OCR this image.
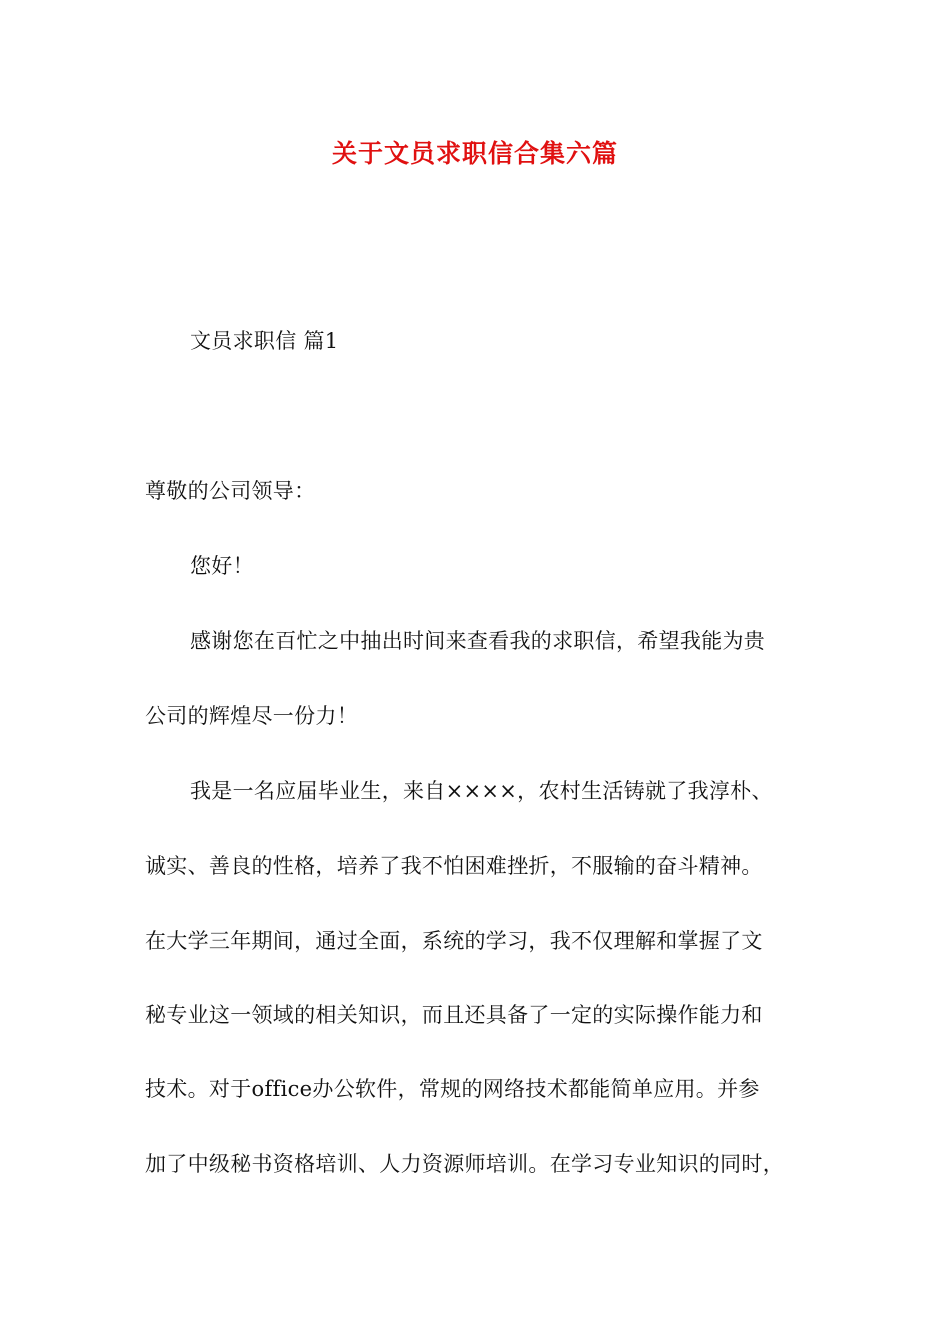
关于文员求职信合集六篇
文员求职信 篇1
尊敬的公司领导：
您好！
感谢您在百忙之中抽出时间来查看我的求职信，希望我能为贵
公司的辉煌尽一份力！
我是一名应届毕业生，来自××××，农村生活铸就了我淳朴、
诚实、善良的性格，培养了我不怕困难挫折，不服输的奋斗精神。
在大学三年期间，通过全面，系统的学习，我不仅理解和掌握了文
秘专业这一领域的相关知识，而且还具备了一定的实际操作能力和
技术。对于office办公软件，常规的网络技术都能简单应用。并参
加了中级秘书资格培训、人力资源师培训。在学习专业知识的同时，
